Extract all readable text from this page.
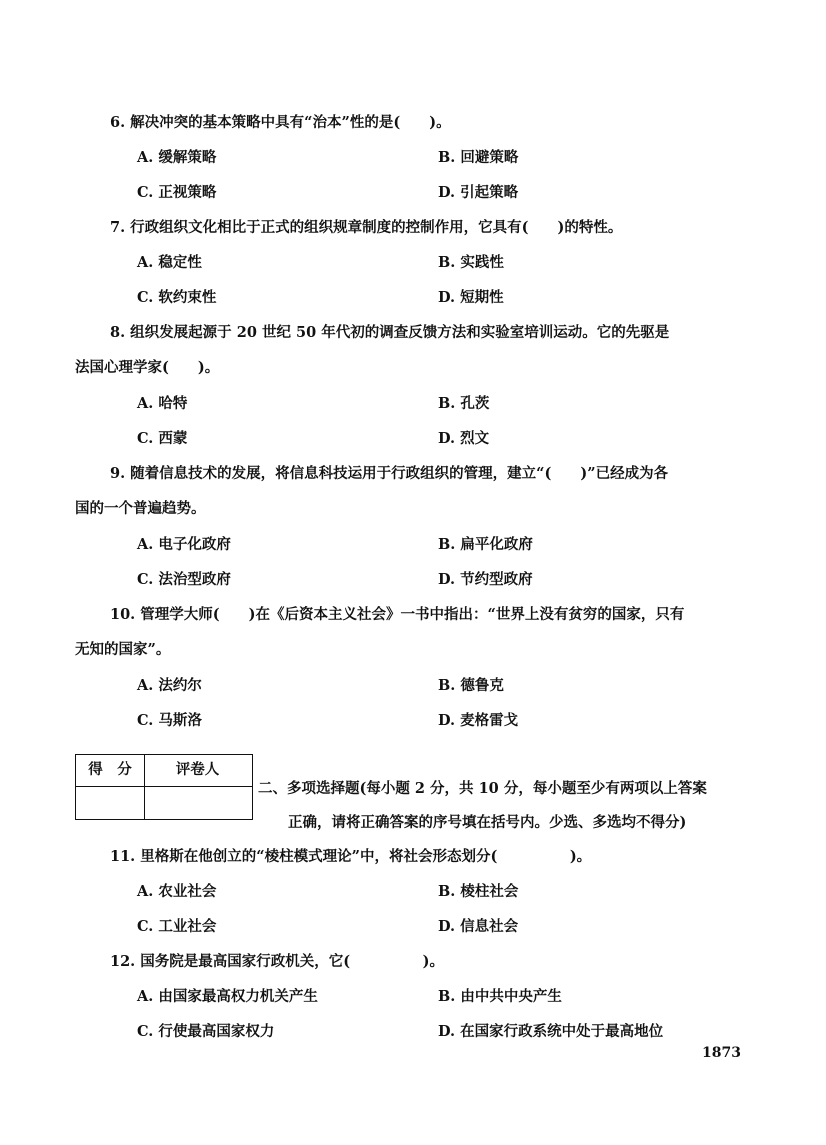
6. 解决冲突的基本策略中具有“治本”性的是(　　)。
A. 缓解策略	B. 回避策略
C. 正视策略	D. 引起策略
7. 行政组织文化相比于正式的组织规章制度的控制作用，它具有(　　)的特性。
A. 稳定性	B. 实践性
C. 软约束性	D. 短期性
8. 组织发展起源于 20 世纪 50 年代初的调查反馈方法和实验室培训运动。它的先驱是
法国心理学家(　　)。
A. 哈特	B. 孔茨
C. 西蒙	D. 烈文
9. 随着信息技术的发展，将信息科技运用于行政组织的管理，建立“(　　)”已经成为各
国的一个普遍趋势。
A. 电子化政府	B. 扁平化政府
C. 法治型政府	D. 节约型政府
10. 管理学大师(　　)在《后资本主义社会》一书中指出：“世界上没有贫穷的国家，只有
无知的国家”。
A. 法约尔	B. 德鲁克
C. 马斯洛	D. 麦格雷戈
得　分	评卷人
二、多项选择题(每小题 2 分，共 10 分，每小题至少有两项以上答案
正确，请将正确答案的序号填在括号内。少选、多选均不得分)
11. 里格斯在他创立的“棱柱模式理论”中，将社会形态划分(　　　　　)。
A. 农业社会	B. 棱柱社会
C. 工业社会	D. 信息社会
12. 国务院是最高国家行政机关，它(　　　　　)。
A. 由国家最高权力机关产生	B. 由中共中央产生
C. 行使最高国家权力	D. 在国家行政系统中处于最高地位
1873
